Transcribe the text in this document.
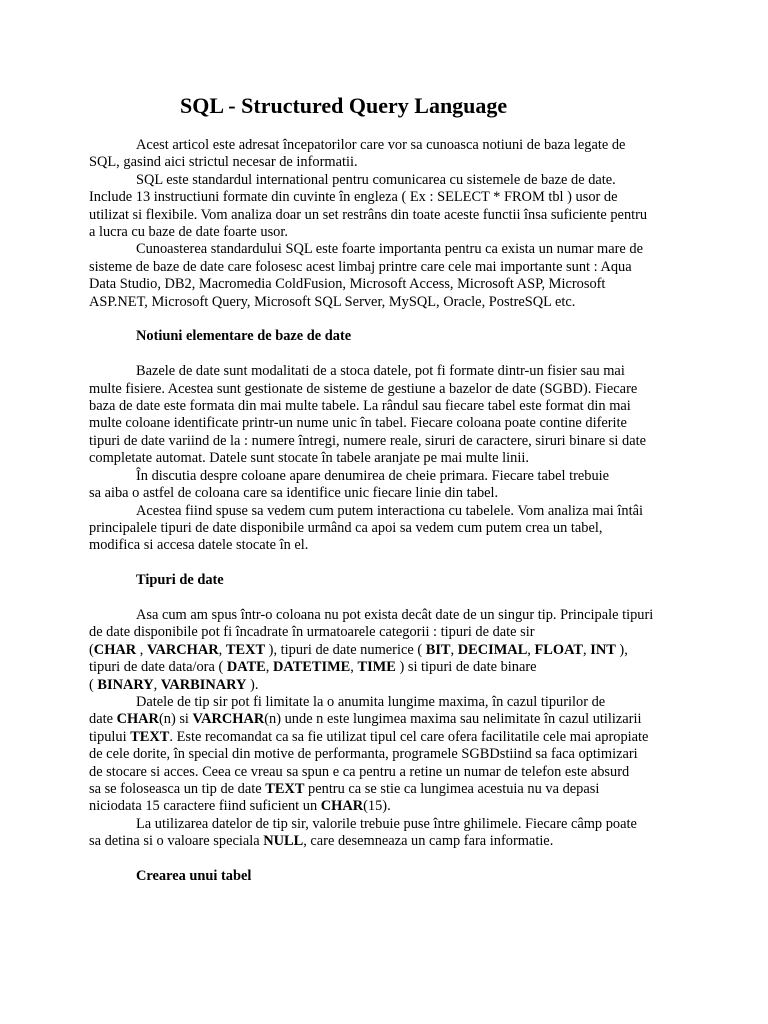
SQL - Structured Query Language

Acest articol este adresat începatorilor care vor sa cunoasca notiuni de baza legate de
SQL, gasind aici strictul necesar de informatii.

SQL este standardul international pentru comunicarea cu sistemele de baze de date.
Include 13 instructiuni formate din cuvinte în engleza ( Ex : SELECT * FROM tbl ) usor de
utilizat si flexibile. Vom analiza doar un set restrâns din toate aceste functii însa suficiente pentru
a lucra cu baze de date foarte usor.

Cunoasterea standardului SQL este foarte importanta pentru ca exista un numar mare de
sisteme de baze de date care folosesc acest limbaj printre care cele mai importante sunt : Aqua
Data Studio, DB2, Macromedia ColdFusion, Microsoft Access, Microsoft ASP, Microsoft
ASP.NET, Microsoft Query, Microsoft SQL Server, MySQL, Oracle, PostreSQL etc.

Notiuni elementare de baze de date

Bazele de date sunt modalitati de a stoca datele, pot fi formate dintr-un fisier sau mai
multe fisiere. Acestea sunt gestionate de sisteme de gestiune a bazelor de date (SGBD). Fiecare
baza de date este formata din mai multe tabele. La rândul sau fiecare tabel este format din mai
multe coloane identificate printr-un nume unic în tabel. Fiecare coloana poate contine diferite
tipuri de date variind de la : numere întregi, numere reale, siruri de caractere, siruri binare si date
completate automat. Datele sunt stocate în tabele aranjate pe mai multe linii.

În discutia despre coloane apare denumirea de cheie primara. Fiecare tabel trebuie
sa aiba o astfel de coloana care sa identifice unic fiecare linie din tabel.

Acestea fiind spuse sa vedem cum putem interactiona cu tabelele. Vom analiza mai întâi
principalele tipuri de date disponibile urmând ca apoi sa vedem cum putem crea un tabel,
modifica si accesa datele stocate în el.

Tipuri de date

Asa cum am spus într-o coloana nu pot exista decât date de un singur tip. Principale tipuri
de date disponibile pot fi încadrate în urmatoarele categorii : tipuri de date sir
(CHAR , VARCHAR, TEXT ), tipuri de date numerice ( BIT, DECIMAL, FLOAT, INT ),
tipuri de date data/ora ( DATE, DATETIME, TIME ) si tipuri de date binare
( BINARY, VARBINARY ).

Datele de tip sir pot fi limitate la o anumita lungime maxima, în cazul tipurilor de
date CHAR(n) si VARCHAR(n) unde n este lungimea maxima sau nelimitate în cazul utilizarii
tipului TEXT. Este recomandat ca sa fie utilizat tipul cel care ofera facilitatile cele mai apropiate
de cele dorite, în special din motive de performanta, programele SGBDstiind sa faca optimizari
de stocare si acces. Ceea ce vreau sa spun e ca pentru a retine un numar de telefon este absurd
sa se foloseasca un tip de date TEXT pentru ca se stie ca lungimea acestuia nu va depasi
niciodata 15 caractere fiind suficient un CHAR(15).

La utilizarea datelor de tip sir, valorile trebuie puse între ghilimele. Fiecare câmp poate
sa detina si o valoare speciala NULL, care desemneaza un camp fara informatie.

Crearea unui tabel
